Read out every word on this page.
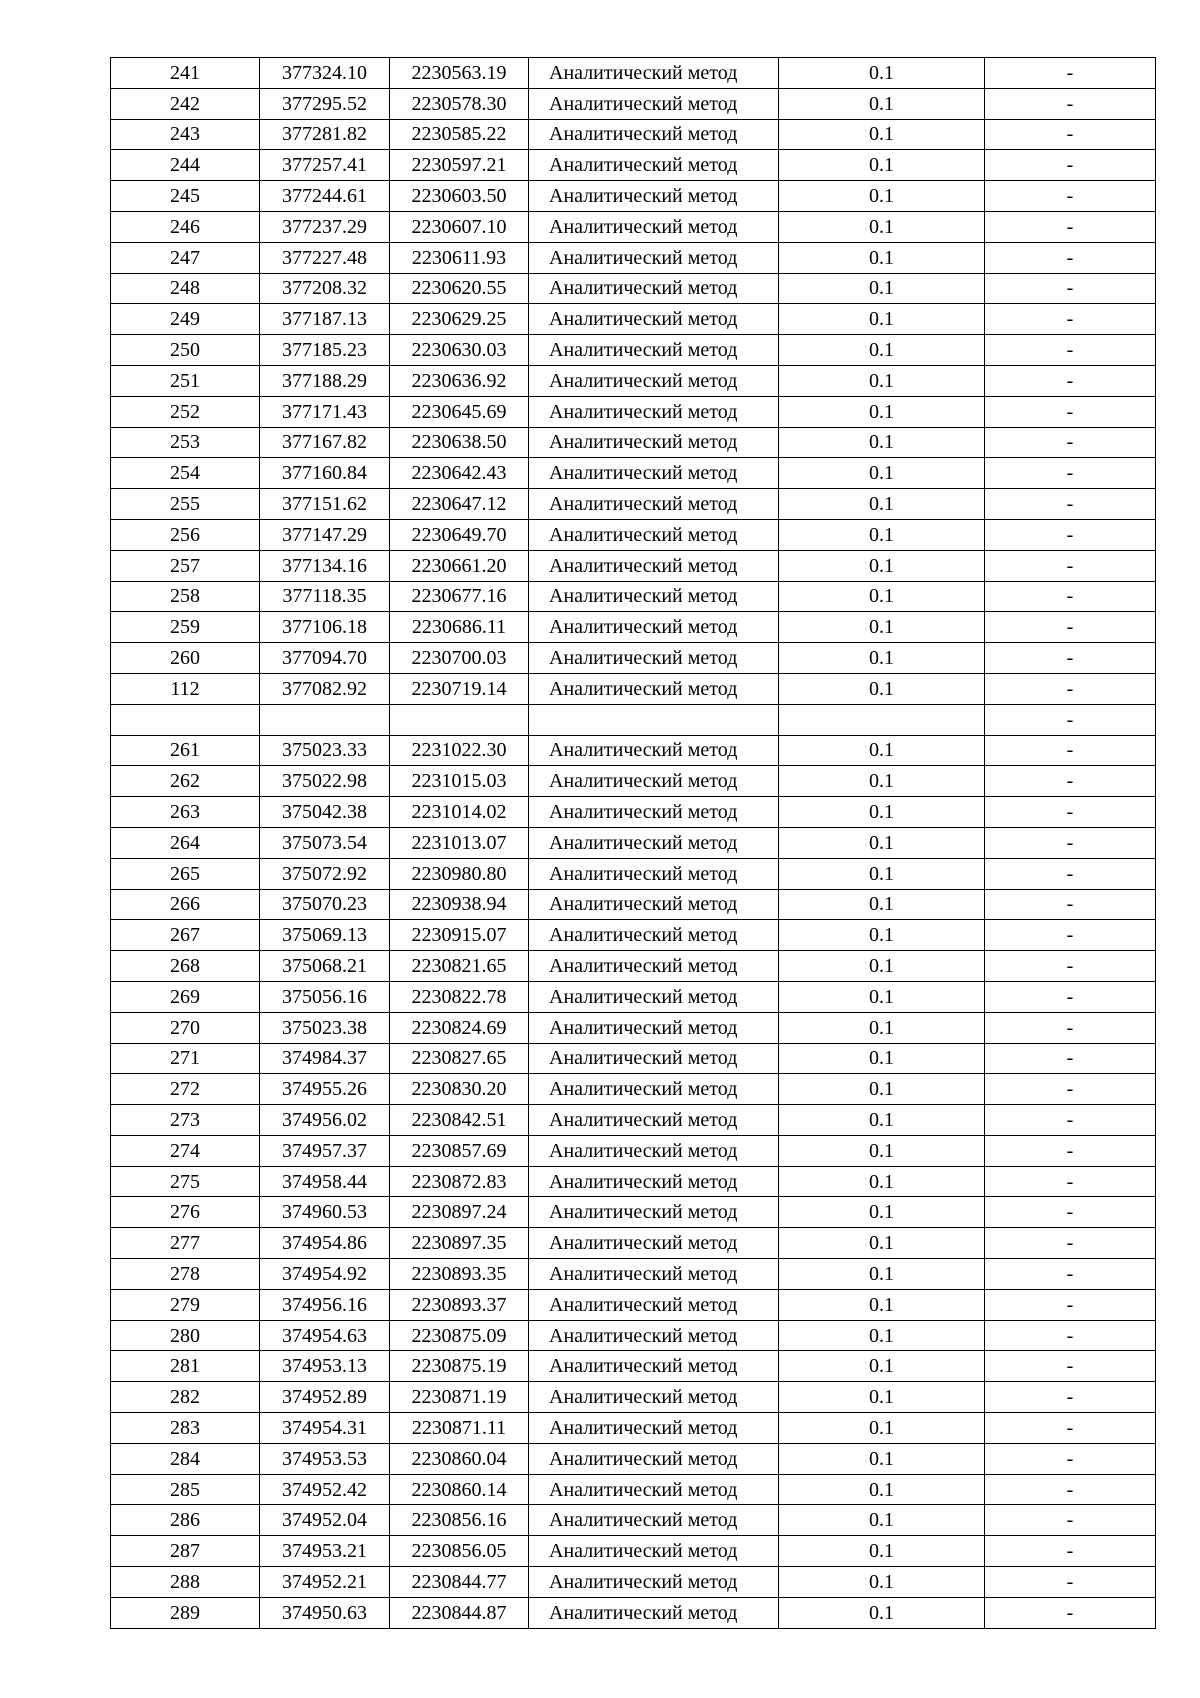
241	377324.10	2230563.19	Аналитический метод	0.1	-
242	377295.52	2230578.30	Аналитический метод	0.1	-
243	377281.82	2230585.22	Аналитический метод	0.1	-
244	377257.41	2230597.21	Аналитический метод	0.1	-
245	377244.61	2230603.50	Аналитический метод	0.1	-
246	377237.29	2230607.10	Аналитический метод	0.1	-
247	377227.48	2230611.93	Аналитический метод	0.1	-
248	377208.32	2230620.55	Аналитический метод	0.1	-
249	377187.13	2230629.25	Аналитический метод	0.1	-
250	377185.23	2230630.03	Аналитический метод	0.1	-
251	377188.29	2230636.92	Аналитический метод	0.1	-
252	377171.43	2230645.69	Аналитический метод	0.1	-
253	377167.82	2230638.50	Аналитический метод	0.1	-
254	377160.84	2230642.43	Аналитический метод	0.1	-
255	377151.62	2230647.12	Аналитический метод	0.1	-
256	377147.29	2230649.70	Аналитический метод	0.1	-
257	377134.16	2230661.20	Аналитический метод	0.1	-
258	377118.35	2230677.16	Аналитический метод	0.1	-
259	377106.18	2230686.11	Аналитический метод	0.1	-
260	377094.70	2230700.03	Аналитический метод	0.1	-
112	377082.92	2230719.14	Аналитический метод	0.1	-
					-
261	375023.33	2231022.30	Аналитический метод	0.1	-
262	375022.98	2231015.03	Аналитический метод	0.1	-
263	375042.38	2231014.02	Аналитический метод	0.1	-
264	375073.54	2231013.07	Аналитический метод	0.1	-
265	375072.92	2230980.80	Аналитический метод	0.1	-
266	375070.23	2230938.94	Аналитический метод	0.1	-
267	375069.13	2230915.07	Аналитический метод	0.1	-
268	375068.21	2230821.65	Аналитический метод	0.1	-
269	375056.16	2230822.78	Аналитический метод	0.1	-
270	375023.38	2230824.69	Аналитический метод	0.1	-
271	374984.37	2230827.65	Аналитический метод	0.1	-
272	374955.26	2230830.20	Аналитический метод	0.1	-
273	374956.02	2230842.51	Аналитический метод	0.1	-
274	374957.37	2230857.69	Аналитический метод	0.1	-
275	374958.44	2230872.83	Аналитический метод	0.1	-
276	374960.53	2230897.24	Аналитический метод	0.1	-
277	374954.86	2230897.35	Аналитический метод	0.1	-
278	374954.92	2230893.35	Аналитический метод	0.1	-
279	374956.16	2230893.37	Аналитический метод	0.1	-
280	374954.63	2230875.09	Аналитический метод	0.1	-
281	374953.13	2230875.19	Аналитический метод	0.1	-
282	374952.89	2230871.19	Аналитический метод	0.1	-
283	374954.31	2230871.11	Аналитический метод	0.1	-
284	374953.53	2230860.04	Аналитический метод	0.1	-
285	374952.42	2230860.14	Аналитический метод	0.1	-
286	374952.04	2230856.16	Аналитический метод	0.1	-
287	374953.21	2230856.05	Аналитический метод	0.1	-
288	374952.21	2230844.77	Аналитический метод	0.1	-
289	374950.63	2230844.87	Аналитический метод	0.1	-
